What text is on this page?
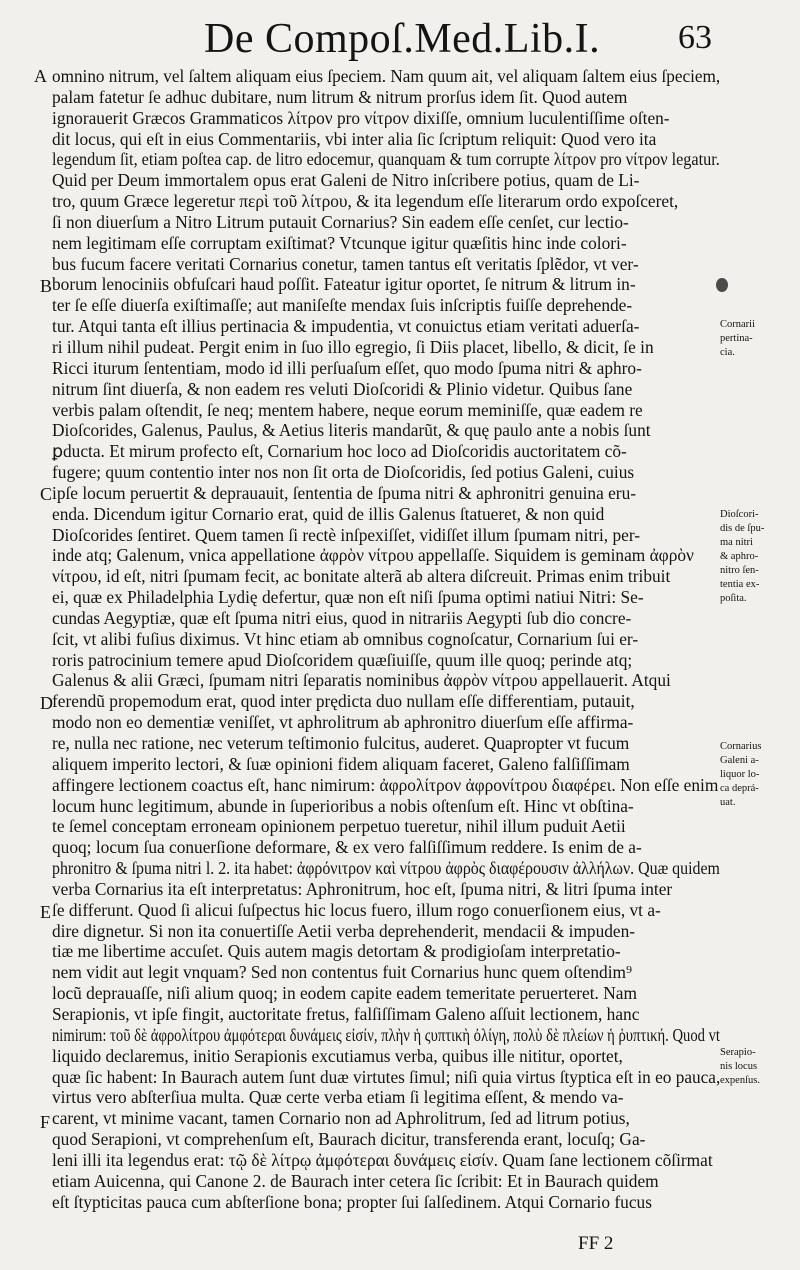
De Compoſ.Med.Lib.I. 63
A
B
C
D
E
F
omnino nitrum, vel ſaltem aliquam eius ſpeciem. Nam quum ait, vel aliquam ſaltem eius ſpeciem,
palam fatetur ſe adhuc dubitare, num litrum & nitrum prorſus idem ſit. Quod autem
ignorauerit Græcos Grammaticos λίτρον pro νίτρον dixiſſe, omnium luculentiſſime oſten-
dit locus, qui eſt in eius Commentariis, vbi inter alia ſic ſcriptum reliquit: Quod vero ita
legendum ſit, etiam poſtea cap. de litro edocemur, quanquam & tum corrupte λίτρον pro νίτρον legatur.
Quid per Deum immortalem opus erat Galeni de Nitro inſcribere potius, quam de Li-
tro, quum Græce legeretur περὶ τοῦ λίτρου, & ita legendum eſſe literarum ordo expoſceret,
ſi non diuerſum a Nitro Litrum putauit Cornarius? Sin eadem eſſe cenſet, cur lectio-
nem legitimam eſſe corruptam exiſtimat? Vtcunque igitur quæſitis hinc inde colori-
bus fucum facere veritati Cornarius conetur, tamen tantus eſt veritatis ſplẽdor, vt ver-
borum lenociniis obfuſcari haud poſſit. Fateatur igitur oportet, ſe nitrum & litrum in-
ter ſe eſſe diuerſa exiſtimaſſe; aut maniſeſte mendax ſuis inſcriptis fuiſſe deprehende-
tur. Atqui tanta eſt illius pertinacia & impudentia, vt conuictus etiam veritati aduerſa-
ri illum nihil pudeat. Pergit enim in ſuo illo egregio, ſi Diis placet, libello, & dicit, ſe in
Ricci iturum ſententiam, modo id illi perſuaſum eſſet, quo modo ſpuma nitri & aphro-
nitrum ſint diuerſa, & non eadem res veluti Dioſcoridi & Plinio videtur. Quibus ſane
verbis palam oſtendit, ſe neq; mentem habere, neque eorum meminiſſe, quæ eadem re
Dioſcorides, Galenus, Paulus, & Aetius literis mandarũt, & quę paulo ante a nobis ſunt
ꝑducta. Et mirum profecto eſt, Cornarium hoc loco ad Dioſcoridis auctoritatem cõ-
fugere; quum contentio inter nos non ſit orta de Dioſcoridis, ſed potius Galeni, cuius
ipſe locum peruertit & deprauauit, ſententia de ſpuma nitri & aphronitri genuina eru-
enda. Dicendum igitur Cornario erat, quid de illis Galenus ſtatueret, & non quid
Dioſcorides ſentiret. Quem tamen ſi rectè inſpexiſſet, vidiſſet illum ſpumam nitri, per-
inde atq; Galenum, vnica appellatione ἀφρὸν νίτρου appellaſſe. Siquidem is geminam ἀφρὸν
νίτρου, id eſt, nitri ſpumam fecit, ac bonitate alterã ab altera diſcreuit. Primas enim tribuit
ei, quæ ex Philadelphia Lydię defertur, quæ non eſt niſi ſpuma optimi natiui Nitri: Se-
cundas Aegyptiæ, quæ eſt ſpuma nitri eius, quod in nitrariis Aegypti ſub dio concre-
ſcit, vt alibi fuſius diximus. Vt hinc etiam ab omnibus cognoſcatur, Cornarium ſui er-
roris patrocinium temere apud Dioſcoridem quæſiuiſſe, quum ille quoq; perinde atq;
Galenus & alii Græci, ſpumam nitri ſeparatis nominibus ἀφρὸν νίτρου appellauerit. Atqui
ferendũ propemodum erat, quod inter prędicta duo nullam eſſe differentiam, putauit,
modo non eo dementiæ veniſſet, vt aphrolitrum ab aphronitro diuerſum eſſe affirma-
re, nulla nec ratione, nec veterum teſtimonio fulcitus, auderet. Quapropter vt fucum
aliquem imperito lectori, & ſuæ opinioni fidem aliquam faceret, Galeno falſiſſimam
affingere lectionem coactus eſt, hanc nimirum: ἀφρολίτρον ἀφρονίτρου διαφέρει. Non eſſe enim
locum hunc legitimum, abunde in ſuperioribus a nobis oſtenſum eſt. Hinc vt obſtina-
te ſemel conceptam erroneam opinionem perpetuo tueretur, nihil illum puduit Aetii
quoq; locum ſua conuerſione deformare, & ex vero falſiſſimum reddere. Is enim de a-
phronitro & ſpuma nitri l. 2. ita habet: ἀφρόνιτρον καὶ νίτρου ἀφρὸς διαφέρουσιν ἀλλήλων. Quæ quidem
verba Cornarius ita eſt interpretatus: Aphronitrum, hoc eſt, ſpuma nitri, & litri ſpuma inter
ſe differunt. Quod ſi alicui ſuſpectus hic locus fuero, illum rogo conuerſionem eius, vt a-
dire dignetur. Si non ita conuertiſſe Aetii verba deprehenderit, mendacii & impuden-
tiæ me libertime accuſet. Quis autem magis detortam & prodigioſam interpretatio-
nem vidit aut legit vnquam? Sed non contentus fuit Cornarius hunc quem oſtendim⁹
locũ deprauaſſe, niſi alium quoq; in eodem capite eadem temeritate peruerteret. Nam
Serapionis, vt ipſe fingit, auctoritate fretus, falſiſſimam Galeno aſſuit lectionem, hanc
nimirum: τοῦ δὲ ἀφρολίτρου ἀμφότεραι δυνάμεις εἰσίν, πλὴν ἡ ςυπτικὴ ὀλίγη, πολὺ δὲ πλείων ἡ ῥυπτική. Quod vt
liquido declaremus, initio Serapionis excutiamus verba, quibus ille nititur, oportet,
quæ ſic habent: In Baurach autem ſunt duæ virtutes ſimul; niſi quia virtus ſtyptica eſt in eo pauca,
virtus vero abſterſiua multa. Quæ certe verba etiam ſi legitima eſſent, & mendo va-
carent, vt minime vacant, tamen Cornario non ad Aphrolitrum, ſed ad litrum potius,
quod Serapioni, vt comprehenſum eſt, Baurach dicitur, transferenda erant, locuſq; Ga-
leni illi ita legendus erat: τῷ δὲ λίτρῳ ἀμφότεραι δυνάμεις εἰσίν. Quam ſane lectionem cõſirmat
etiam Auicenna, qui Canone 2. de Baurach inter cetera ſic ſcribit: Et in Baurach quidem
eſt ſtypticitas pauca cum abſterſione bona; propter ſui ſalſedinem. Atqui Cornario fucus
Cornarii
pertina-
cia.
Dioſcori-
dis de ſpu-
ma nitri
& aphro-
nitro ſen-
tentia ex-
poſita.
Cornarius
Galeni a-
liquor lo-
ca deprá-
uat.
Serapio-
nis locus
expenſus.
FF 2
